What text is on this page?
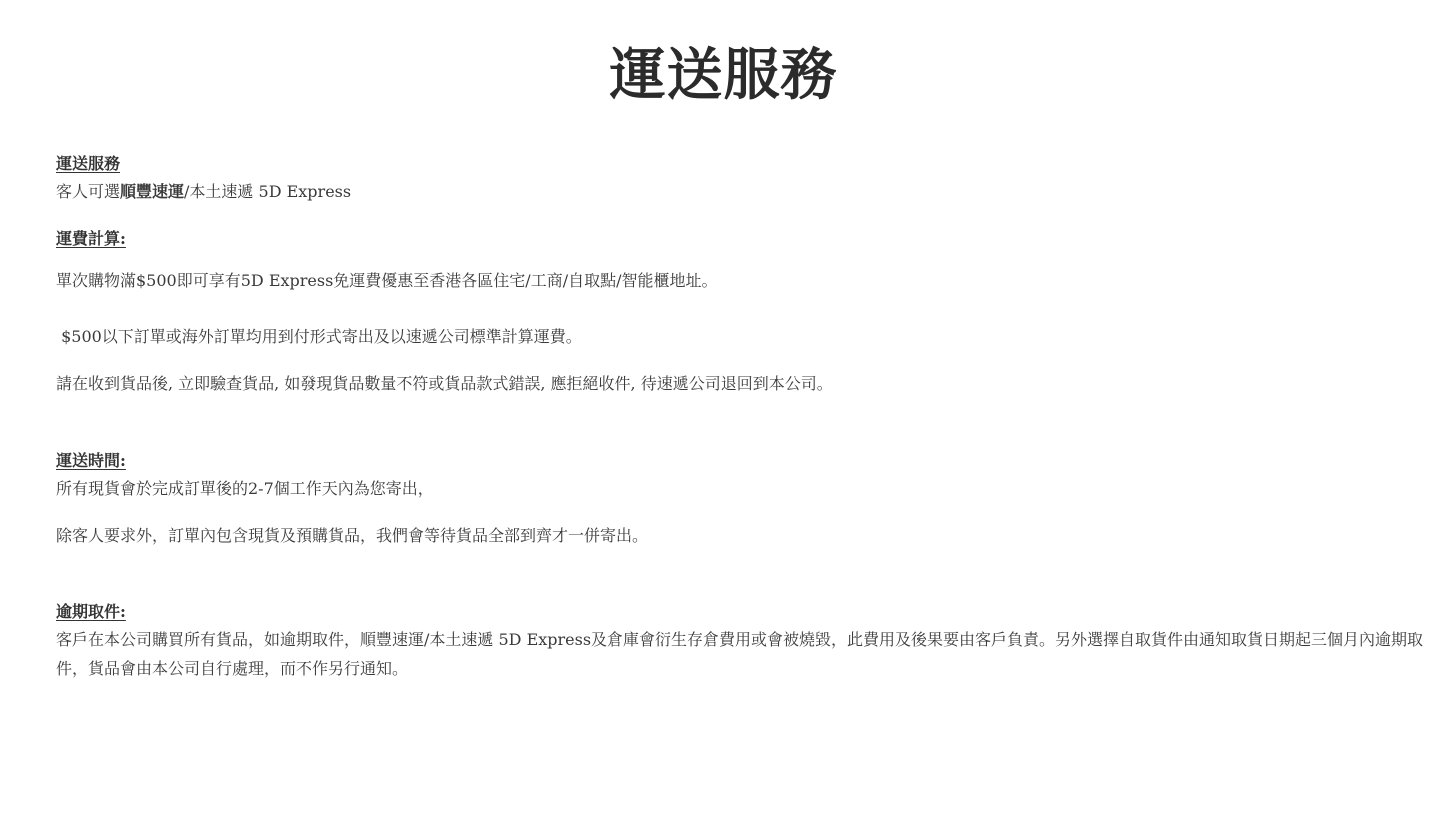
運送服務

運送服務

客人可選順豐速運/本土速遞 5D Express

運費計算:

單次購物滿$500即可享有5D Express免運費優惠至香港各區住宅/工商/自取點/智能櫃地址。

$500以下訂單或海外訂單均用到付形式寄出及以速遞公司標準計算運費。

請在收到貨品後, 立即驗查貨品, 如發現貨品數量不符或貨品款式錯誤, 應拒絕收件, 待速遞公司退回到本公司。

運送時間:

所有現貨會於完成訂單後的2-7個工作天內為您寄出，

除客人要求外，訂單內包含現貨及預購貨品，我們會等待貨品全部到齊才一併寄出。

逾期取件:

客戶在本公司購買所有貨品，如逾期取件，順豐速運/本土速遞 5D Express及倉庫會衍生存倉費用或會被燒毀，此費用及後果要由客戶負責。另外選擇自取貨件由通知取貨日期起三個月內逾期取件，貨品會由本公司自行處理，而不作另行通知。
